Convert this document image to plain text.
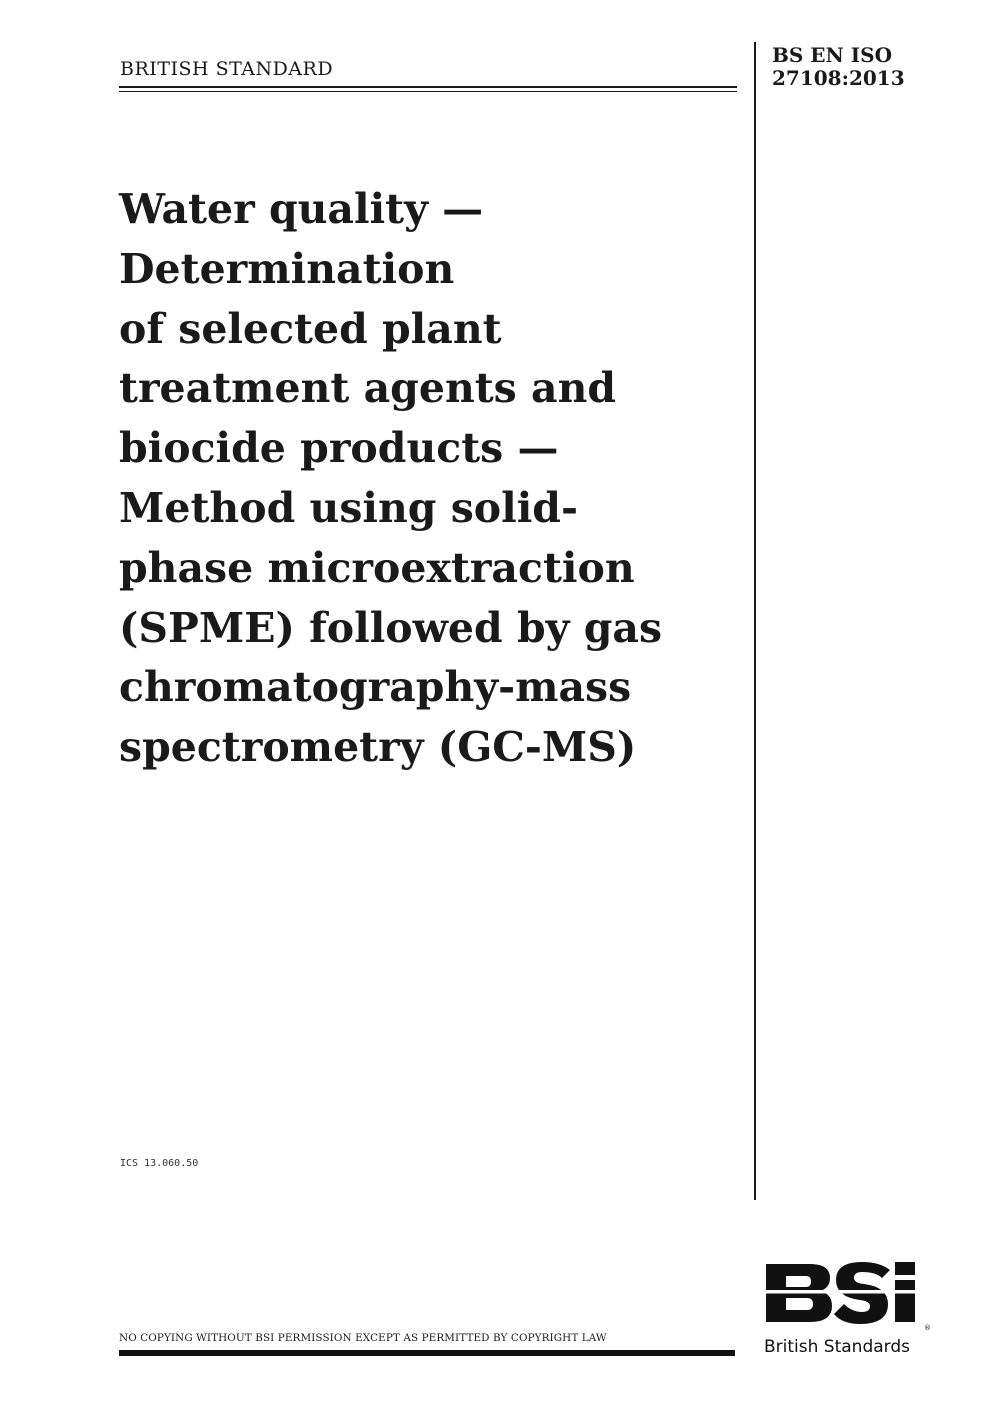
BRITISH STANDARD
BS EN ISO
27108:2013
Water quality —
Determination
of selected plant
treatment agents and
biocide products —
Method using solid-
phase microextraction
(SPME) followed by gas
chromatography-mass
spectrometry (GC-MS)
ICS 13.060.50
NO COPYING WITHOUT BSI PERMISSION EXCEPT AS PERMITTED BY COPYRIGHT LAW
®
British Standards
